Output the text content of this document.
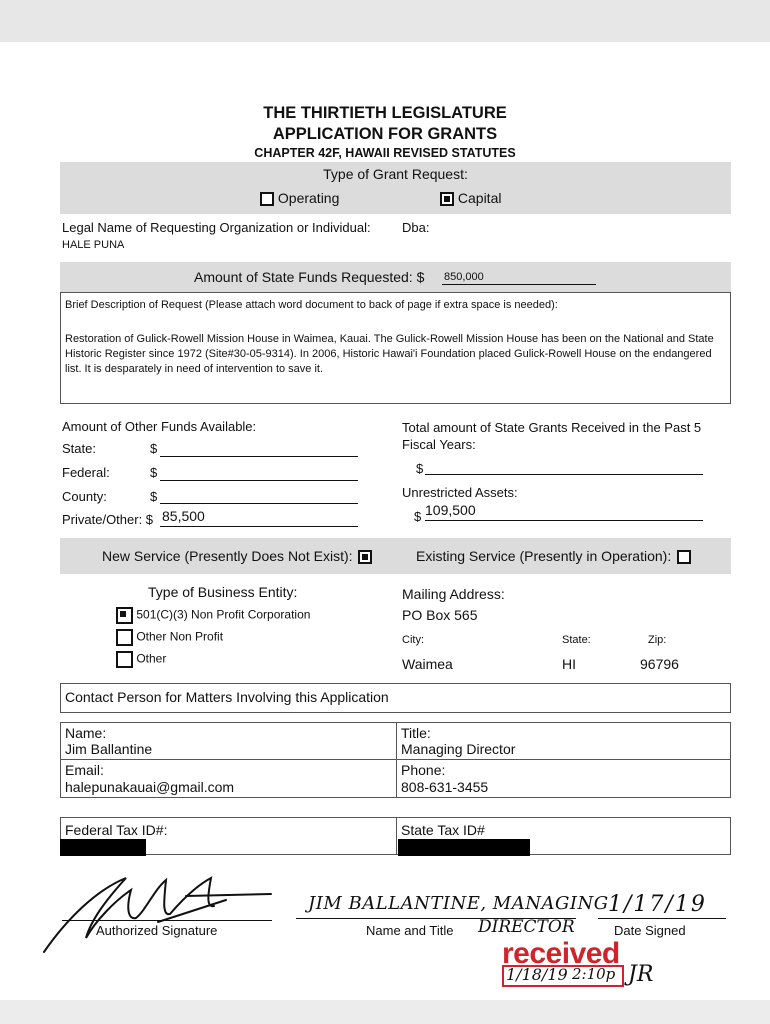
THE THIRTIETH LEGISLATURE
APPLICATION FOR GRANTS
CHAPTER 42F, HAWAII REVISED STATUTES
Type of Grant Request:
Operating	Capital
Legal Name of Requesting Organization or Individual: Dba:
HALE PUNA
Amount of State Funds Requested: $ 850,000
Brief Description of Request (Please attach word document to back of page if extra space is needed):
Restoration of Gulick-Rowell Mission House in Waimea, Kauai. The Gulick-Rowell Mission House has been on the National and State Historic Register since 1972 (Site#30-05-9314). In 2006, Historic Hawai'i Foundation placed Gulick-Rowell House on the endangered list. It is desparately in need of intervention to save it.
Amount of Other Funds Available:
State:	$
Federal:	$
County:	$
Private/Other: $ 85,500
Total amount of State Grants Received in the Past 5 Fiscal Years:
$
Unrestricted Assets:
$ 109,500
New Service (Presently Does Not Exist):	Existing Service (Presently in Operation):
Type of Business Entity:
501(C)(3) Non Profit Corporation
Other Non Profit
Other
Mailing Address:
PO Box 565
City:	State:	Zip:
Waimea	HI	96796
Contact Person for Matters Involving this Application
Name:
Jim Ballantine
Title:
Managing Director
Email:
halepunakauai@gmail.com
Phone:
808-631-3455
Federal Tax ID#:	State Tax ID#
Authorized Signature
JIM BALLANTINE, MANAGING
Name and Title DIRECTOR
1/17/19
Date Signed
received
1/18/19 2:10p JR
